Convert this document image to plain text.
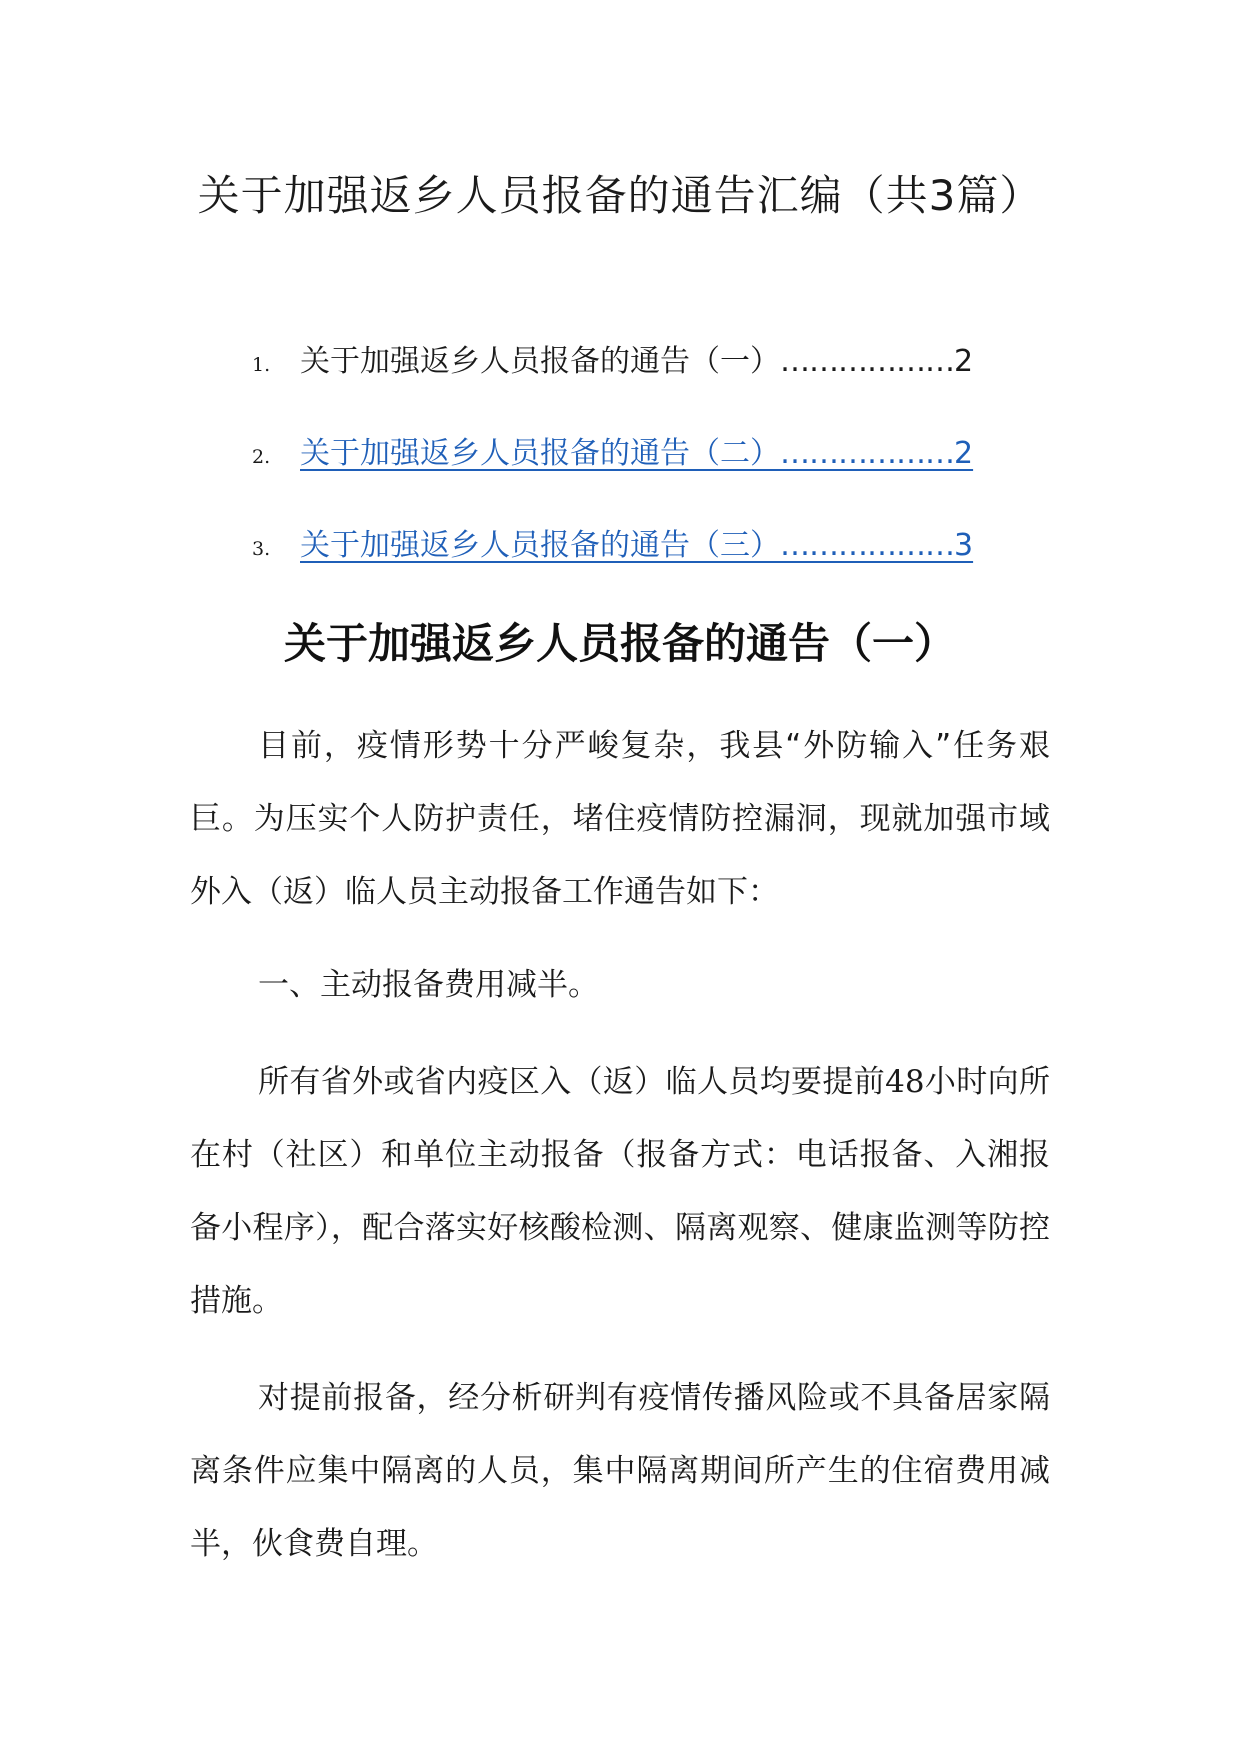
关于加强返乡人员报备的通告汇编（共3篇）
1. 关于加强返乡人员报备的通告（一） ………………	2
2. 关于加强返乡人员报备的通告（二） ………………	2
3. 关于加强返乡人员报备的通告（三） ………………	3
关于加强返乡人员报备的通告（一）

目前，疫情形势十分严峻复杂，我县“外防输入”任务艰巨。为压实个人防护责任，堵住疫情防控漏洞，现就加强市域外入（返）临人员主动报备工作通告如下：

一、主动报备费用减半。

所有省外或省内疫区入（返）临人员均要提前48小时向所在村（社区）和单位主动报备（报备方式：电话报备、入湘报备小程序），配合落实好核酸检测、隔离观察、健康监测等防控措施。

对提前报备，经分析研判有疫情传播风险或不具备居家隔离条件应集中隔离的人员，集中隔离期间所产生的住宿费用减半，伙食费自理。
